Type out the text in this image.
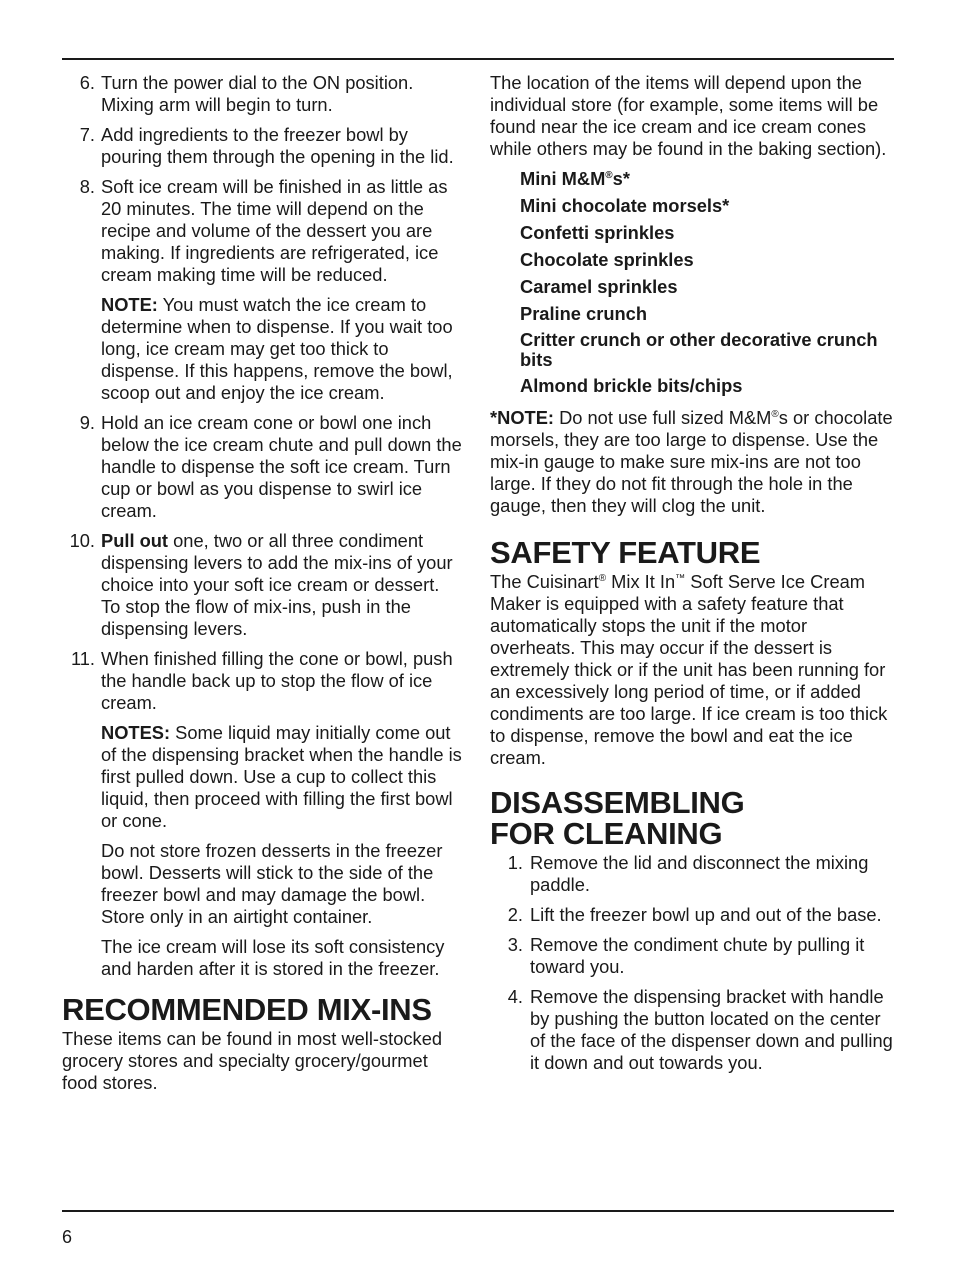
6. Turn the power dial to the ON position. Mixing arm will begin to turn.
7. Add ingredients to the freezer bowl by pouring them through the opening in the lid.
8. Soft ice cream will be finished in as little as 20 minutes. The time will depend on the recipe and volume of the dessert you are making. If ingredients are refrigerated, ice cream making time will be reduced.
NOTE: You must watch the ice cream to determine when to dispense. If you wait too long, ice cream may get too thick to dispense. If this happens, remove the bowl, scoop out and enjoy the ice cream.
9. Hold an ice cream cone or bowl one inch below the ice cream chute and pull down the handle to dispense the soft ice cream. Turn cup or bowl as you dispense to swirl ice cream.
10. Pull out one, two or all three condiment dispensing levers to add the mix-ins of your choice into your soft ice cream or dessert. To stop the flow of mix-ins, push in the dispensing levers.
11. When finished filling the cone or bowl, push the handle back up to stop the flow of ice cream.
NOTES: Some liquid may initially come out of the dispensing bracket when the handle is first pulled down. Use a cup to collect this liquid, then proceed with filling the first bowl or cone.
Do not store frozen desserts in the freezer bowl. Desserts will stick to the side of the freezer bowl and may damage the bowl. Store only in an airtight container.
The ice cream will lose its soft consistency and harden after it is stored in the freezer.
RECOMMENDED MIX-INS
These items can be found in most well-stocked grocery stores and specialty grocery/gourmet food stores.
The location of the items will depend upon the individual store (for example, some items will be found near the ice cream and ice cream cones while others may be found in the baking section).
Mini M&M®s*
Mini chocolate morsels*
Confetti sprinkles
Chocolate sprinkles
Caramel sprinkles
Praline crunch
Critter crunch or other decorative crunch bits
Almond brickle bits/chips
*NOTE: Do not use full sized M&M®s or chocolate morsels, they are too large to dispense. Use the mix-in gauge to make sure mix-ins are not too large. If they do not fit through the hole in the gauge, then they will clog the unit.
SAFETY FEATURE
The Cuisinart® Mix It In™ Soft Serve Ice Cream Maker is equipped with a safety feature that automatically stops the unit if the motor overheats. This may occur if the dessert is extremely thick or if the unit has been running for an excessively long period of time, or if added condiments are too large. If ice cream is too thick to dispense, remove the bowl and eat the ice cream.
DISASSEMBLING
FOR CLEANING
1. Remove the lid and disconnect the mixing paddle.
2. Lift the freezer bowl up and out of the base.
3. Remove the condiment chute by pulling it toward you.
4. Remove the dispensing bracket with handle by pushing the button located on the center of the face of the dispenser down and pulling it down and out towards you.
6
